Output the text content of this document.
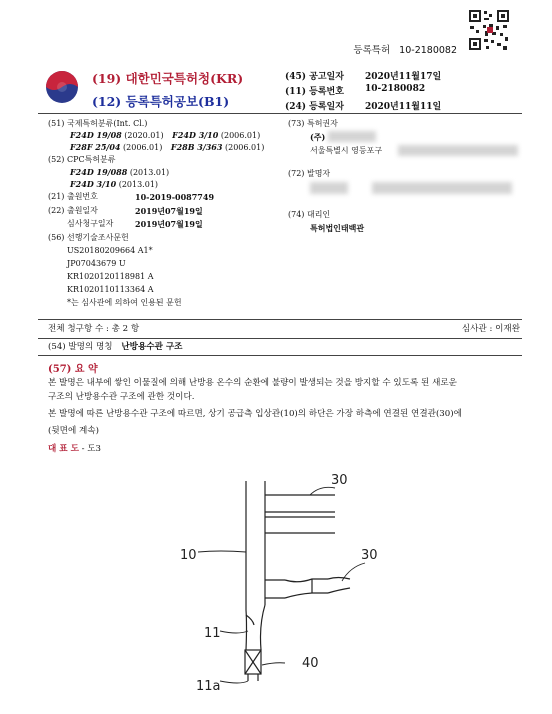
등록특허 10-2180082
(19) 대한민국특허청(KR)
(12) 등록특허공보(B1)
(45) 공고일자 2020년11월17일
(11) 등록번호 10-2180082
(24) 등록일자 2020년11월11일
(51) 국제특허분류(Int. Cl.)
F24D 19/08 (2020.01) F24D 3/10 (2006.01)
F28F 25/04 (2006.01) F28B 3/363 (2006.01)
(52) CPC특허분류
F24D 19/088 (2013.01)
F24D 3/10 (2013.01)
(21) 출원번호	10-2019-0087749
(22) 출원일자	2019년07월19일
심사청구일자	2019년07월19일
(56) 선행기술조사문헌
US20180209664 A1*
JP07043679 U
KR1020120118981 A
KR1020110113364 A
*는 심사관에 의하여 인용된 문헌
(73) 특허권자
(주)
서울특별시 영등포구
(72) 발명자
(74) 대리인
특허법인태백관
전체 청구항 수 : 총 2 항	심사관 : 이재완
(54) 발명의 명칭 난방용수관 구조
(57) 요 약
본 발명은 내부에 쌓인 이물질에 의해 난방용 온수의 순환에 불량이 발생되는 것을 방지할 수 있도록 된 새로운
구조의 난방용수관 구조에 관한 것이다.
본 발명에 따른 난방용수관 구조에 따르면, 상기 공급측 입상관(10)의 하단은 가장 하측에 연결된 연결관(30)에
(뒷면에 계속)
대 표 도 - 도3
30
10	30
11
40
11a
